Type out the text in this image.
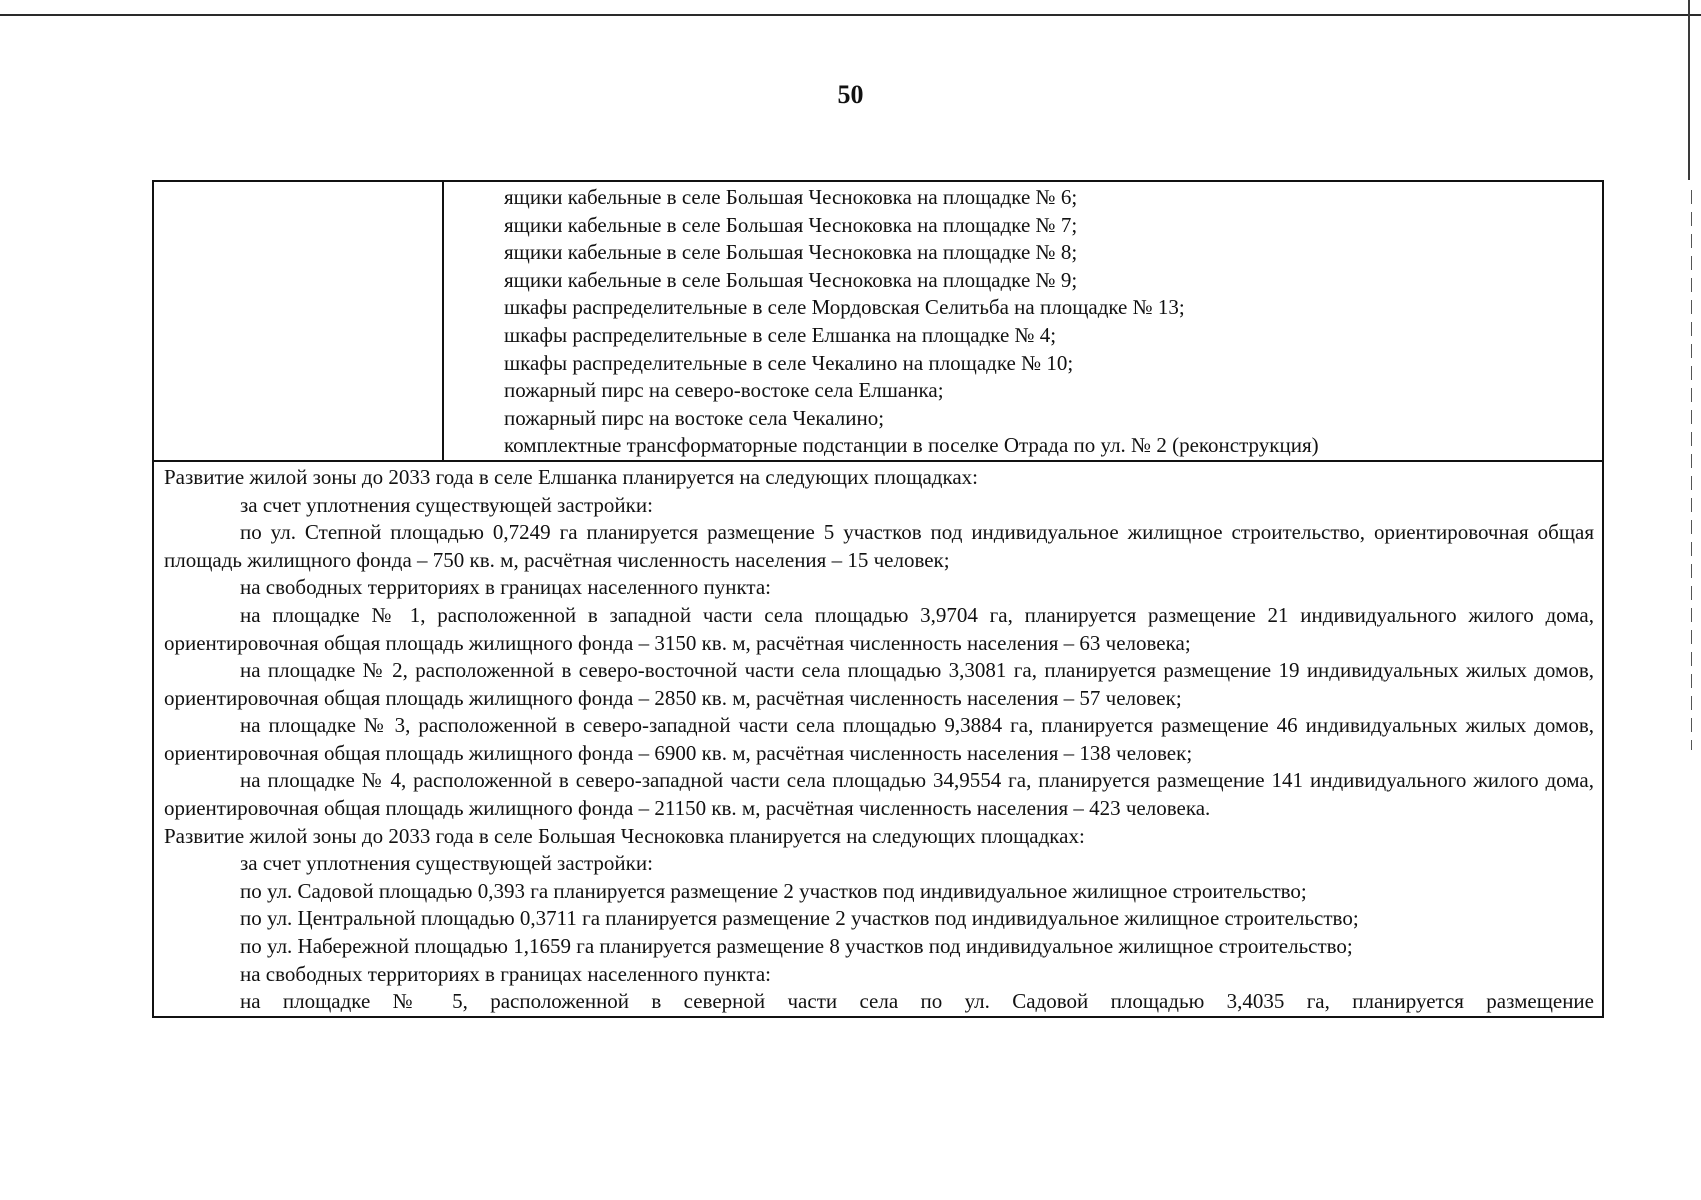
50
ящики кабельные в селе Большая Чесноковка на площадке № 6;
ящики кабельные в селе Большая Чесноковка на площадке № 7;
ящики кабельные в селе Большая Чесноковка на площадке № 8;
ящики кабельные в селе Большая Чесноковка на площадке № 9;
шкафы распределительные в селе Мордовская Селитьба на площадке № 13;
шкафы распределительные в селе Елшанка на площадке № 4;
шкафы распределительные в селе Чекалино на площадке № 10;
пожарный пирс на северо-востоке села Елшанка;
пожарный пирс на востоке села Чекалино;
комплектные трансформаторные подстанции в поселке Отрада по ул. № 2 (реконструкция)
Развитие жилой зоны до 2033 года в селе Елшанка планируется на следующих площадках:
за счет уплотнения существующей застройки:
по ул. Степной площадью 0,7249 га планируется размещение 5 участков под индивидуальное жилищное строительство, ориентировочная общая площадь жилищного фонда – 750 кв. м, расчётная численность населения – 15 человек;
на свободных территориях в границах населенного пункта:
на площадке № 1, расположенной в западной части села площадью 3,9704 га, планируется размещение 21 индивидуального жилого дома, ориентировочная общая площадь жилищного фонда – 3150 кв. м, расчётная численность населения – 63 человека;
на площадке № 2, расположенной в северо-восточной части села площадью 3,3081 га, планируется размещение 19 индивидуальных жилых домов, ориентировочная общая площадь жилищного фонда – 2850 кв. м, расчётная численность населения – 57 человек;
на площадке № 3, расположенной в северо-западной части села площадью 9,3884 га, планируется размещение 46 индивидуальных жилых домов, ориентировочная общая площадь жилищного фонда – 6900 кв. м, расчётная численность населения – 138 человек;
на площадке № 4, расположенной в северо-западной части села площадью 34,9554 га, планируется размещение 141 индивидуального жилого дома, ориентировочная общая площадь жилищного фонда – 21150 кв. м, расчётная численность населения – 423 человека.
Развитие жилой зоны до 2033 года в селе Большая Чесноковка планируется на следующих площадках:
за счет уплотнения существующей застройки:
по ул. Садовой площадью 0,393 га планируется размещение 2 участков под индивидуальное жилищное строительство;
по ул. Центральной площадью 0,3711 га планируется размещение 2 участков под индивидуальное жилищное строительство;
по ул. Набережной площадью 1,1659 га планируется размещение 8 участков под индивидуальное жилищное строительство;
на свободных территориях в границах населенного пункта:
на площадке № 5, расположенной в северной части села по ул. Садовой площадью 3,4035 га, планируется размещение
